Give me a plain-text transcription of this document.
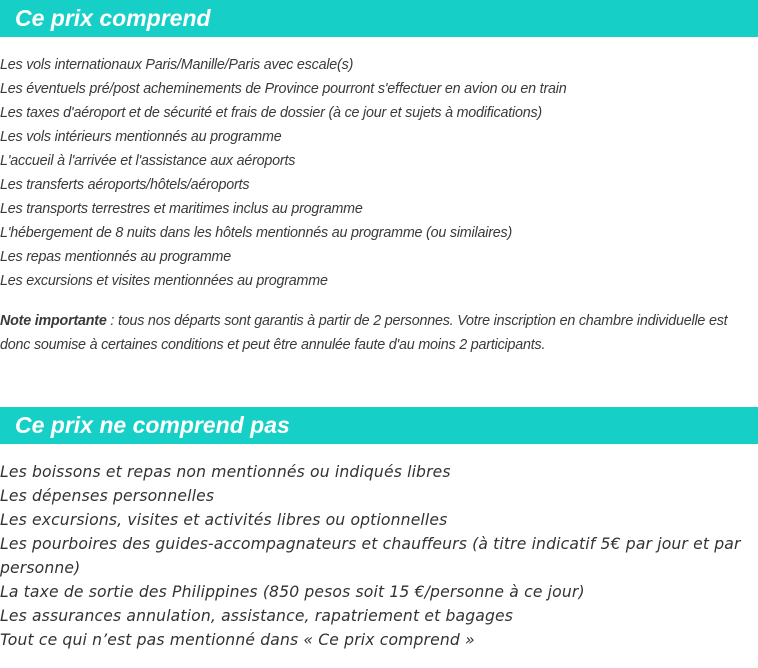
Ce prix comprend
Les vols internationaux Paris/Manille/Paris avec escale(s)
Les éventuels pré/post acheminements de Province pourront s'effectuer en avion ou en train
Les taxes d'aéroport et de sécurité et frais de dossier (à ce jour et sujets à modifications)
Les vols intérieurs mentionnés au programme
L'accueil à l'arrivée et l'assistance aux aéroports
Les transferts aéroports/hôtels/aéroports
Les transports terrestres et maritimes inclus au programme
L'hébergement de 8 nuits dans les hôtels mentionnés au programme (ou similaires)
Les repas mentionnés au programme
Les excursions et visites mentionnées au programme

Note importante : tous nos départs sont garantis à partir de 2 personnes. Votre inscription en chambre individuelle est donc soumise à certaines conditions et peut être annulée faute d'au moins 2 participants.

Ce prix ne comprend pas
Les boissons et repas non mentionnés ou indiqués libres
Les dépenses personnelles
Les excursions, visites et activités libres ou optionnelles
Les pourboires des guides-accompagnateurs et chauffeurs (à titre indicatif 5€ par jour et par personne)
La taxe de sortie des Philippines (850 pesos soit 15 €/personne à ce jour)
Les assurances annulation, assistance, rapatriement et bagages
Tout ce qui n’est pas mentionné dans « Ce prix comprend »
